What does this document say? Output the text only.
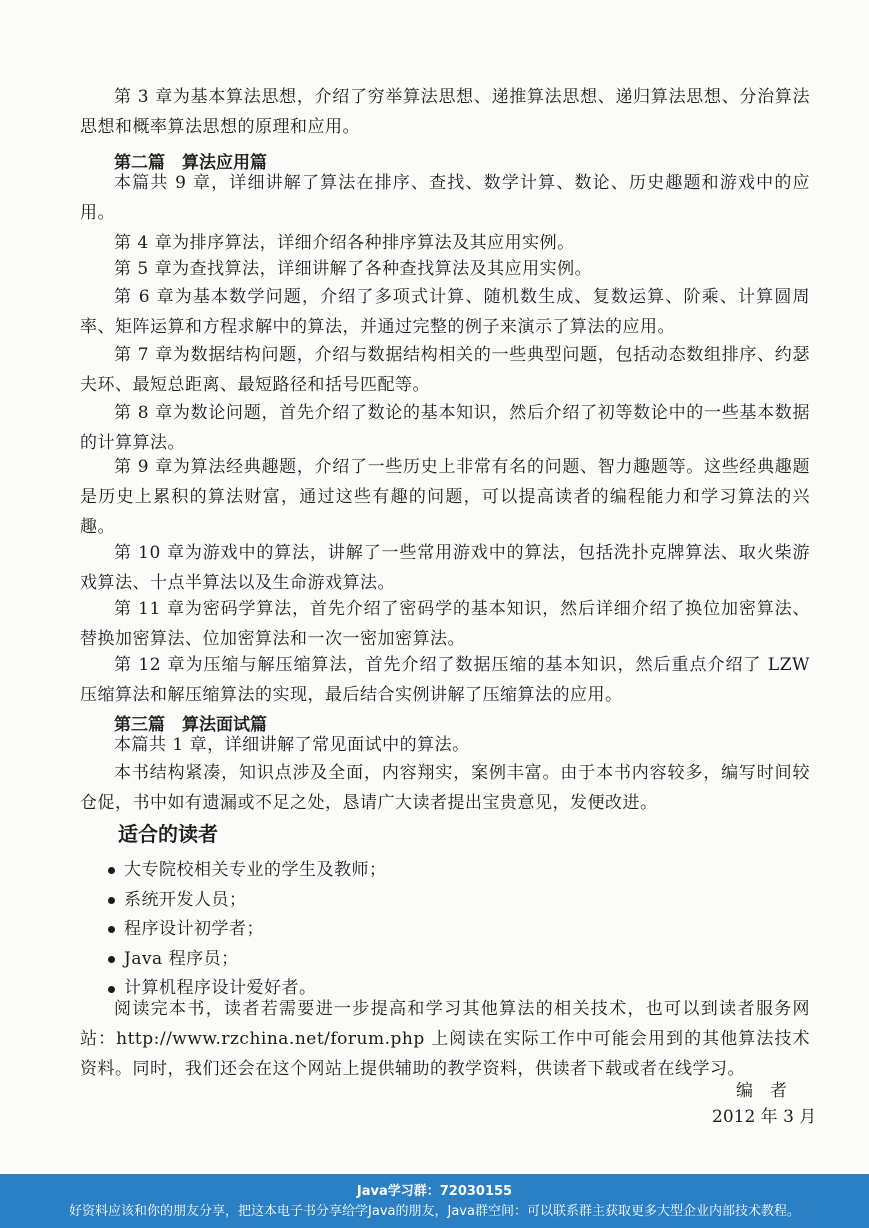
第 3 章为基本算法思想，介绍了穷举算法思想、递推算法思想、递归算法思想、分治算法思想和概率算法思想的原理和应用。

第二篇　算法应用篇

本篇共 9 章，详细讲解了算法在排序、查找、数学计算、数论、历史趣题和游戏中的应用。

第 4 章为排序算法，详细介绍各种排序算法及其应用实例。

第 5 章为查找算法，详细讲解了各种查找算法及其应用实例。

第 6 章为基本数学问题，介绍了多项式计算、随机数生成、复数运算、阶乘、计算圆周率、矩阵运算和方程求解中的算法，并通过完整的例子来演示了算法的应用。

第 7 章为数据结构问题，介绍与数据结构相关的一些典型问题，包括动态数组排序、约瑟夫环、最短总距离、最短路径和括号匹配等。

第 8 章为数论问题，首先介绍了数论的基本知识，然后介绍了初等数论中的一些基本数据的计算算法。

第 9 章为算法经典趣题，介绍了一些历史上非常有名的问题、智力趣题等。这些经典趣题是历史上累积的算法财富，通过这些有趣的问题，可以提高读者的编程能力和学习算法的兴趣。

第 10 章为游戏中的算法，讲解了一些常用游戏中的算法，包括洗扑克牌算法、取火柴游戏算法、十点半算法以及生命游戏算法。

第 11 章为密码学算法，首先介绍了密码学的基本知识，然后详细介绍了换位加密算法、替换加密算法、位加密算法和一次一密加密算法。

第 12 章为压缩与解压缩算法，首先介绍了数据压缩的基本知识，然后重点介绍了 LZW 压缩算法和解压缩算法的实现，最后结合实例讲解了压缩算法的应用。

第三篇　算法面试篇

本篇共 1 章，详细讲解了常见面试中的算法。

本书结构紧凑，知识点涉及全面，内容翔实，案例丰富。由于本书内容较多，编写时间较仓促，书中如有遗漏或不足之处，恳请广大读者提出宝贵意见，发便改进。

适合的读者

大专院校相关专业的学生及教师；
系统开发人员；
程序设计初学者；
Java 程序员；
计算机程序设计爱好者。

阅读完本书，读者若需要进一步提高和学习其他算法的相关技术，也可以到读者服务网站：http://www.rzchina.net/forum.php 上阅读在实际工作中可能会用到的其他算法技术资料。同时，我们还会在这个网站上提供辅助的教学资料，供读者下载或者在线学习。

编　者

2012 年 3 月

Java学习群：72030155
好资料应该和你的朋友分享，把这本电子书分享给学Java的朋友，Java群空间：可以联系群主获取更多大型企业内部技术教程。
